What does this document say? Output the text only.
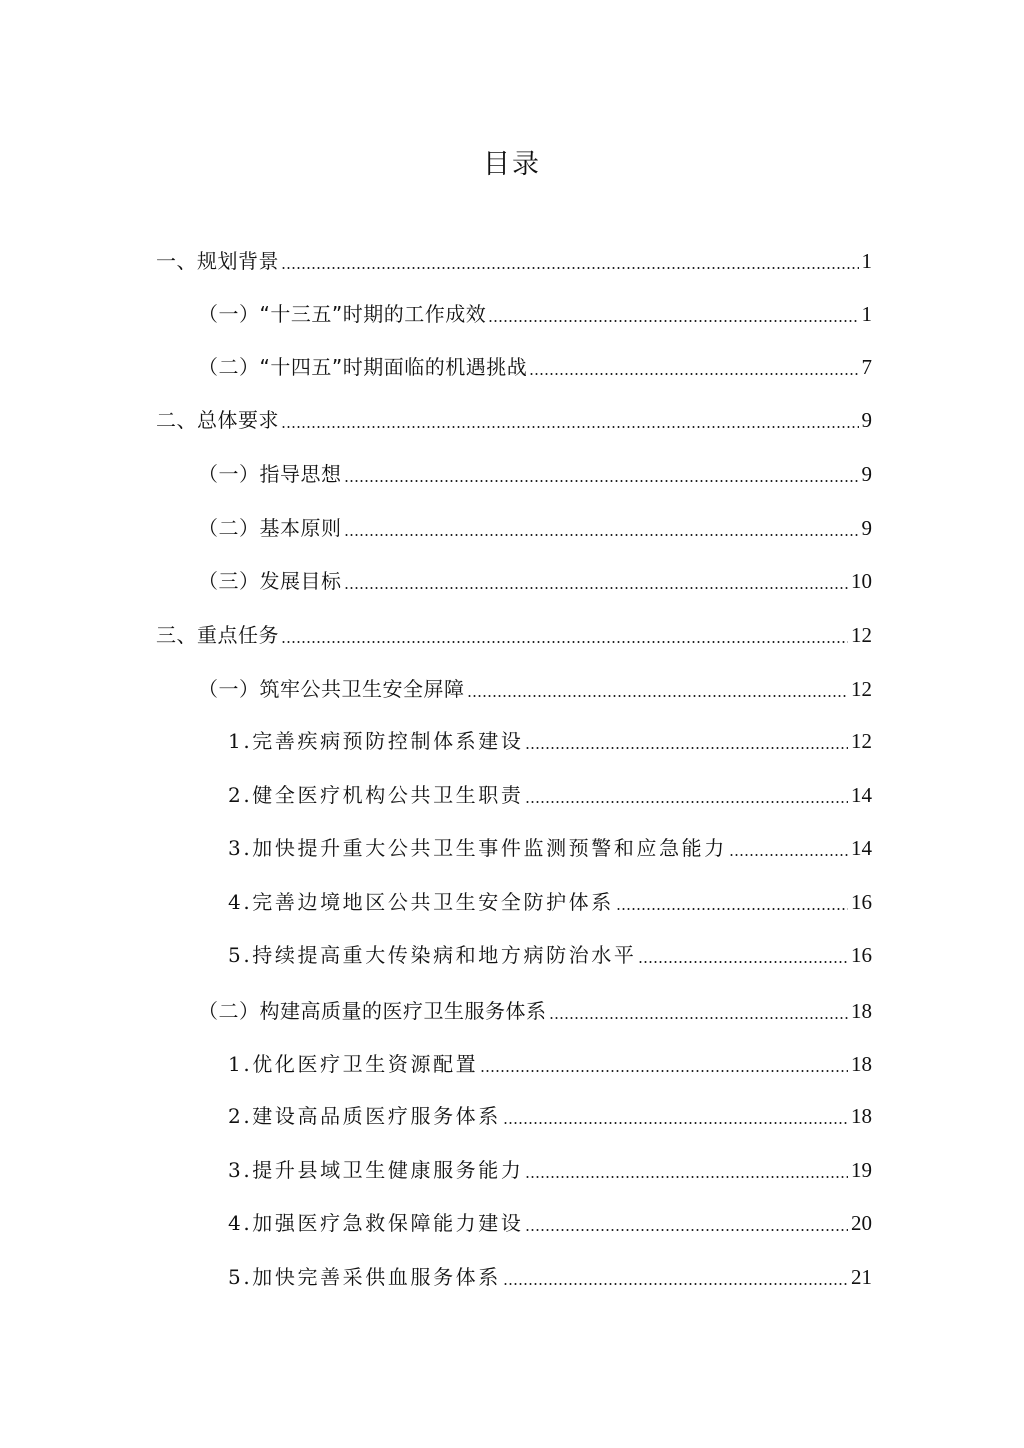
目录
一、规划背景	1
（一）“十三五”时期的工作成效	1
（二）“十四五”时期面临的机遇挑战	7
二、总体要求	9
（一）指导思想	9
（二）基本原则	9
（三）发展目标	10
三、重点任务	12
（一）筑牢公共卫生安全屏障	12
1.完善疾病预防控制体系建设	12
2.健全医疗机构公共卫生职责	14
3.加快提升重大公共卫生事件监测预警和应急能力	14
4.完善边境地区公共卫生安全防护体系	16
5.持续提高重大传染病和地方病防治水平	16
（二）构建高质量的医疗卫生服务体系	18
1.优化医疗卫生资源配置	18
2.建设高品质医疗服务体系	18
3.提升县域卫生健康服务能力	19
4.加强医疗急救保障能力建设	20
5.加快完善采供血服务体系	21
